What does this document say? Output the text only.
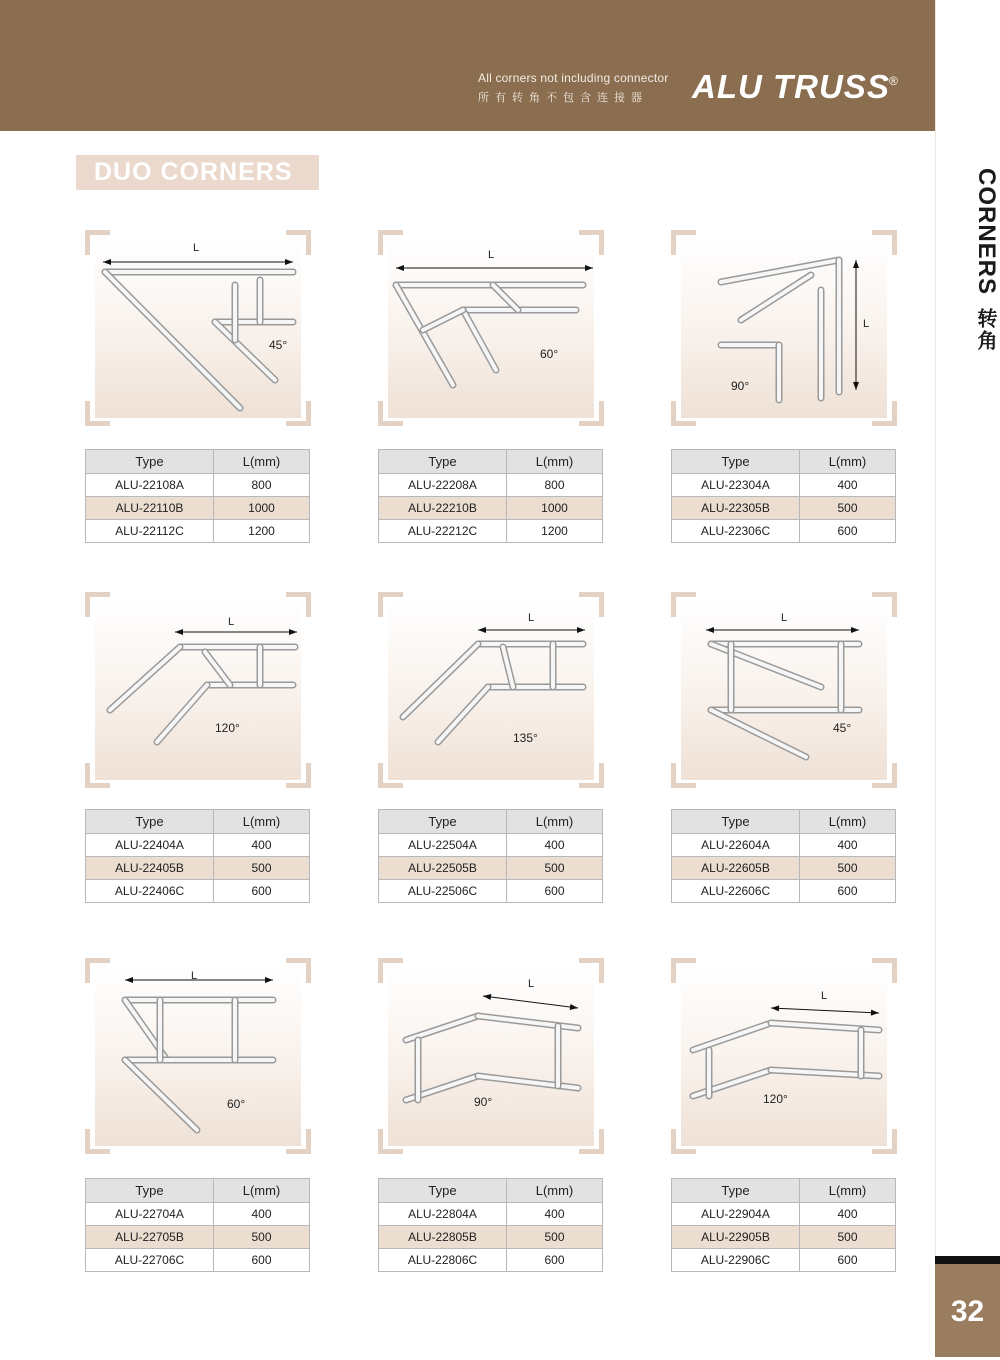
All corners not including connector
所有转角不包含连接器 ALU TRUSS ®
DUO CORNERS	CORNERS
转角
32
L
45°
Type	L(mm)
ALU-22108A	800
ALU-22110B	1000
ALU-22112C	1200
L
60°
Type	L(mm)
ALU-22208A	800
ALU-22210B	1000
ALU-22212C	1200
L
90°
Type	L(mm)
ALU-22304A	400
ALU-22305B	500
ALU-22306C	600
L
120°
Type	L(mm)
ALU-22404A	400
ALU-22405B	500
ALU-22406C	600
L
135°
Type	L(mm)
ALU-22504A	400
ALU-22505B	500
ALU-22506C	600
L
45°
Type	L(mm)
ALU-22604A	400
ALU-22605B	500
ALU-22606C	600
L
60°
Type	L(mm)
ALU-22704A	400
ALU-22705B	500
ALU-22706C	600
L
90°
Type	L(mm)
ALU-22804A	400
ALU-22805B	500
ALU-22806C	600
L
120°
Type	L(mm)
ALU-22904A	400
ALU-22905B	500
ALU-22906C	600
